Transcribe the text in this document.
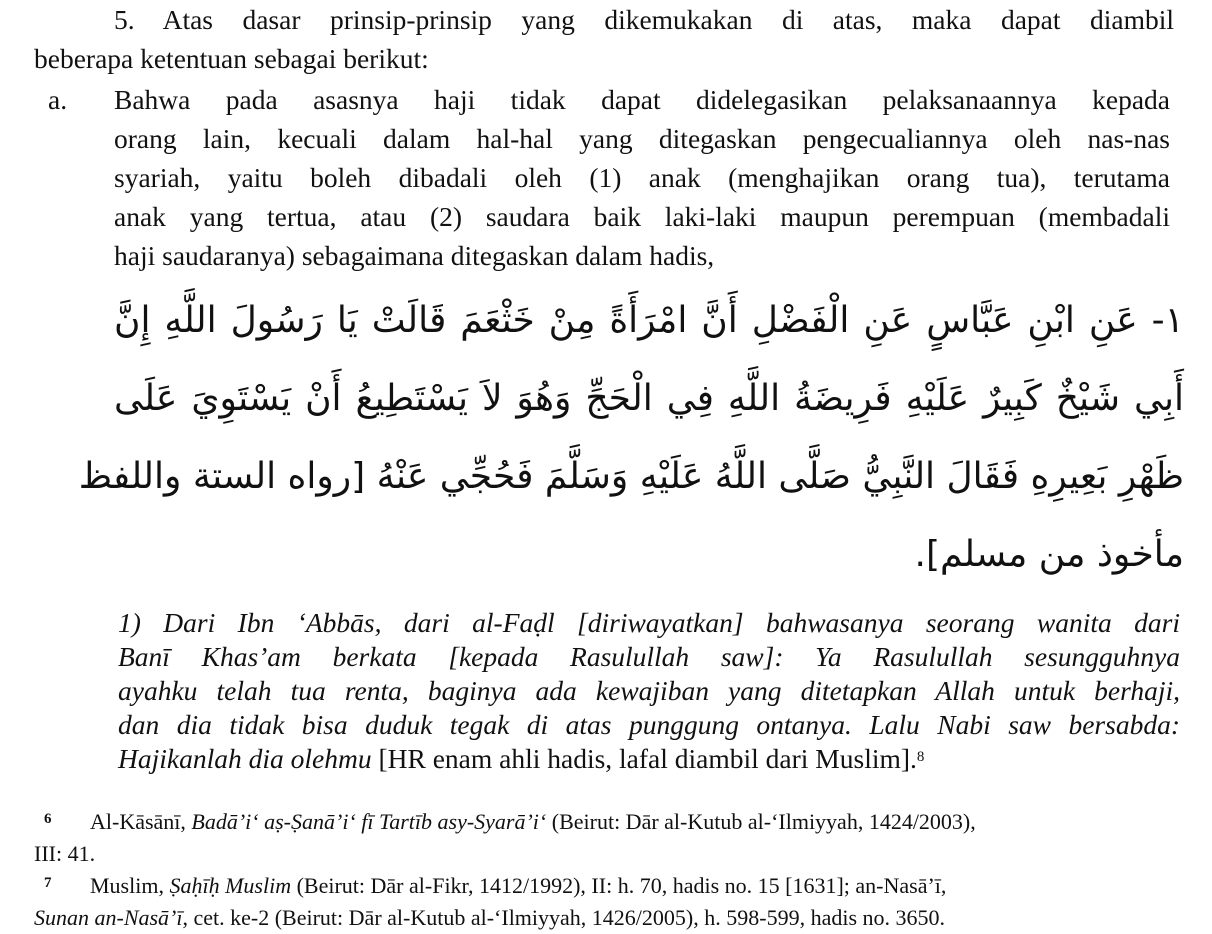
5. Atas dasar prinsip-prinsip yang dikemukakan di atas, maka dapat diambil
beberapa ketentuan sebagai berikut:
a. Bahwa pada asasnya haji tidak dapat didelegasikan pelaksanaannya kepada
orang lain, kecuali dalam hal-hal yang ditegaskan pengecualiannya oleh nas-nas
syariah, yaitu boleh dibadali oleh (1) anak (menghajikan orang tua), terutama
anak yang tertua, atau (2) saudara baik laki-laki maupun perempuan (membadali
haji saudaranya) sebagaimana ditegaskan dalam hadis,
١- عَنِ ابْنِ عَبَّاسٍ عَنِ الْفَضْلِ أَنَّ امْرَأَةً مِنْ خَثْعَمَ قَالَتْ يَا رَسُولَ اللَّهِ إِنَّ
أَبِي شَيْخٌ كَبِيرٌ عَلَيْهِ فَرِيضَةُ اللَّهِ فِي الْحَجِّ وَهُوَ لاَ يَسْتَطِيعُ أَنْ يَسْتَوِيَ عَلَى
ظَهْرِ بَعِيرِهِ فَقَالَ النَّبِيُّ صَلَّى اللَّهُ عَلَيْهِ وَسَلَّمَ فَحُجِّي عَنْهُ [رواه الستة واللفظ
مأخوذ من مسلم].
1) Dari Ibn ‘Abbās, dari al-Faḍl [diriwayatkan] bahwasanya seorang wanita dari
Banī Khas’am berkata [kepada Rasulullah saw]: Ya Rasulullah sesungguhnya
ayahku telah tua renta, baginya ada kewajiban yang ditetapkan Allah untuk berhaji,
dan dia tidak bisa duduk tegak di atas punggung ontanya. Lalu Nabi saw bersabda:
Hajikanlah dia olehmu [HR enam ahli hadis, lafal diambil dari Muslim].$^8$
6 Al-Kāsānī, Badā’i‘ aṣ-Ṣanā’i‘ fī Tartīb asy-Syarā’i‘ (Beirut: Dār al-Kutub al-‘Ilmiyyah, 1424/2003),
III: 41.
7 Muslim, Ṣaḥīḥ Muslim (Beirut: Dār al-Fikr, 1412/1992), II: h. 70, hadis no. 15 [1631]; an-Nasā’ī,
Sunan an-Nasā’ī, cet. ke-2 (Beirut: Dār al-Kutub al-‘Ilmiyyah, 1426/2005), h. 598-599, hadis no. 3650.
